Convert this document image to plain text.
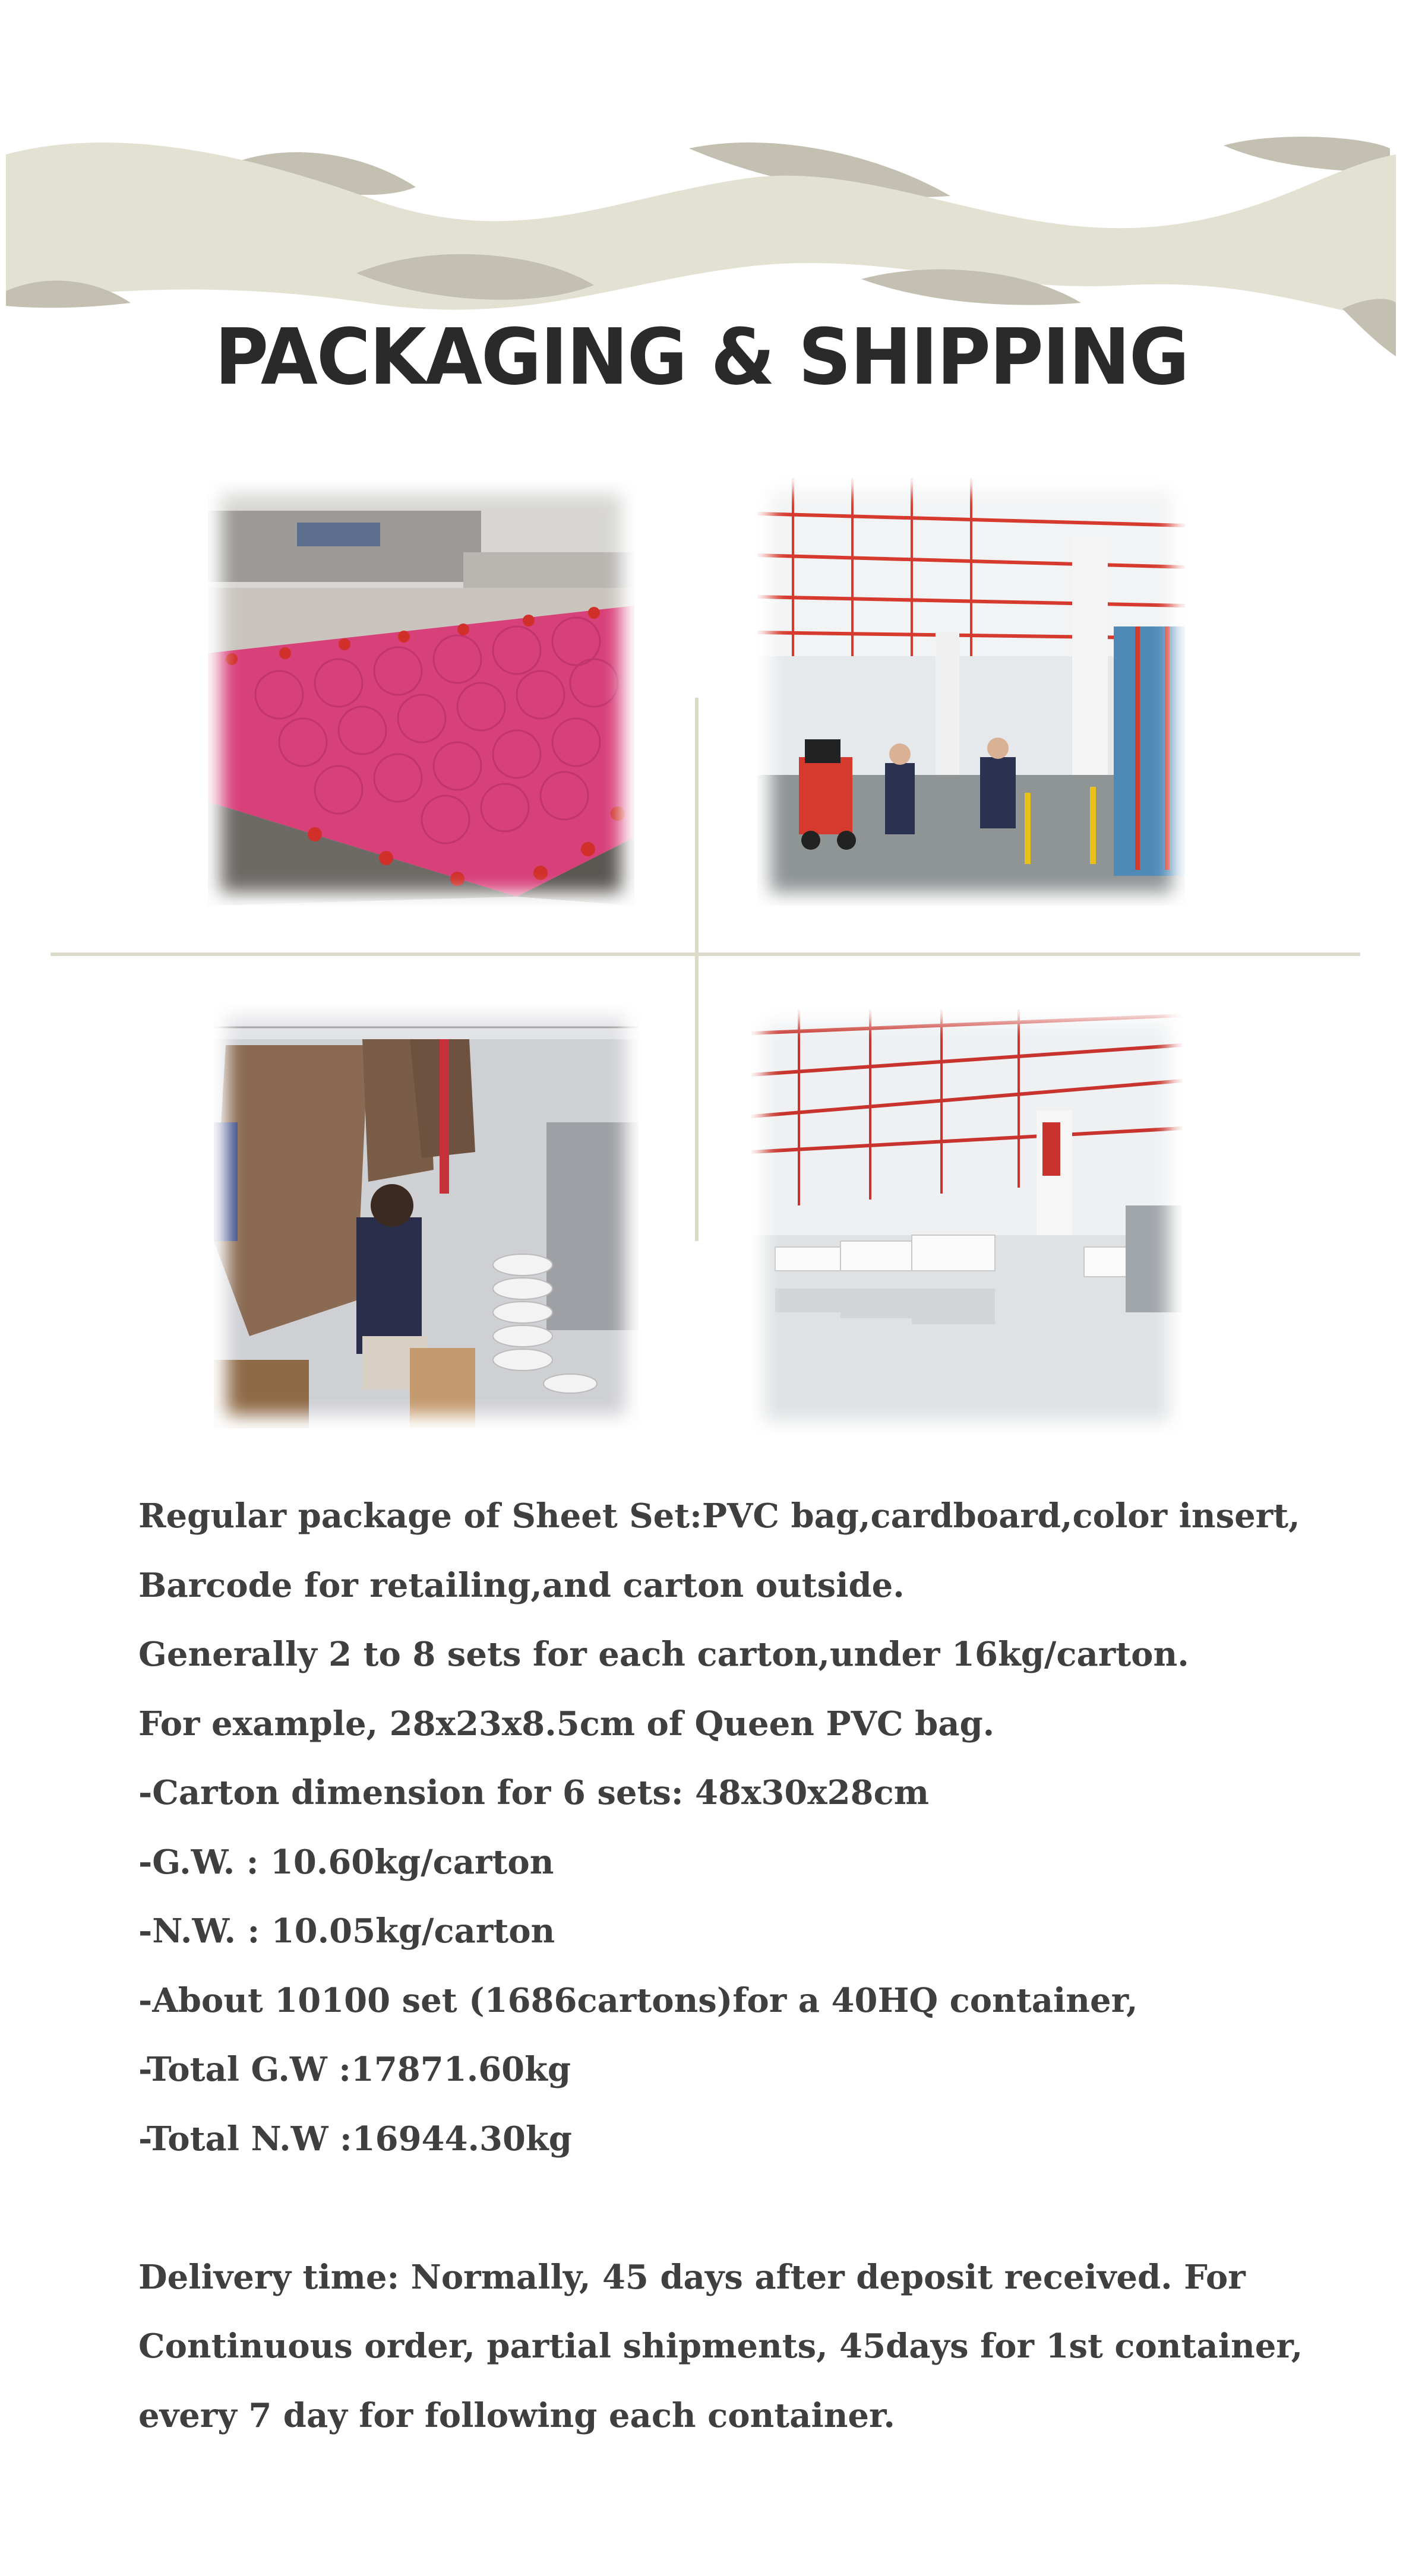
PACKAGING & SHIPPING
Regular package of Sheet Set:PVC bag,cardboard,color insert,
Barcode for retailing,and carton outside.
Generally 2 to 8 sets for each carton,under 16kg/carton.
For example, 28x23x8.5cm of Queen PVC bag.
-Carton dimension for 6 sets: 48x30x28cm
-G.W. : 10.60kg/carton
-N.W. : 10.05kg/carton
-About 10100 set (1686cartons)for a 40HQ container,
-Total G.W :17871.60kg
-Total N.W :16944.30kg
Delivery time: Normally, 45 days after deposit received. For
Continuous order, partial shipments, 45days for 1st container,
every 7 day for following each container.
